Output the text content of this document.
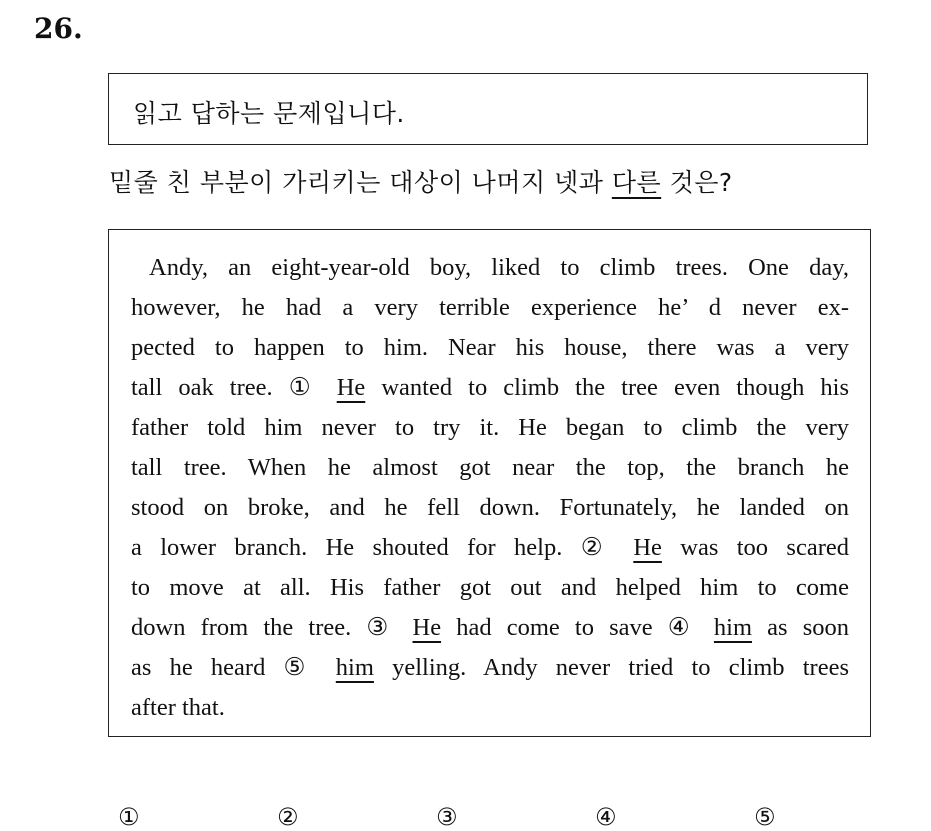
26.
읽고 답하는 문제입니다.
밑줄 친 부분이 가리키는 대상이 나머지 넷과 다른 것은?
Andy, an eight-year-old boy, liked to climb trees. One day,
however, he had a very terrible experience he’ d never ex-
pected to happen to him. Near his house, there was a very
tall oak tree. ① He wanted to climb the tree even though his
father told him never to try it. He began to climb the very
tall tree. When he almost got near the top, the branch he
stood on broke, and he fell down. Fortunately, he landed on
a lower branch. He shouted for help. ② He was too scared
to move at all. His father got out and helped him to come
down from the tree. ③ He had come to save ④ him as soon
as he heard ⑤ him yelling. Andy never tried to climb trees
after that.
①	②	③	④	⑤
